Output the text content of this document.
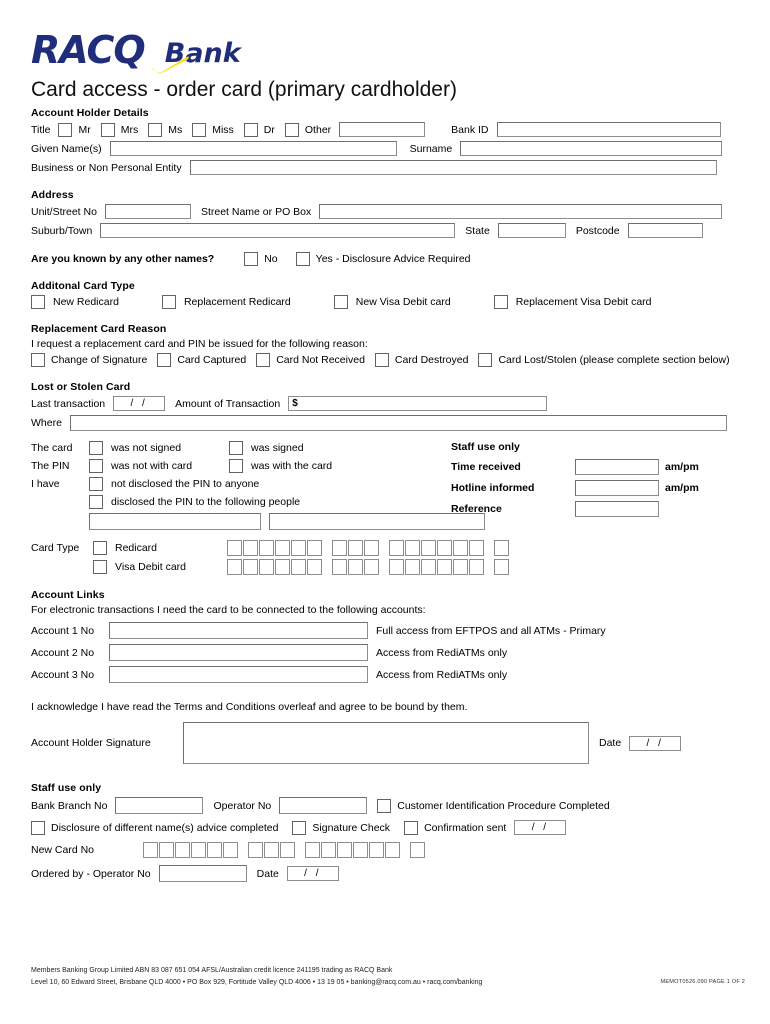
RACQ Bank
Card access - order card (primary cardholder)
Account Holder Details
Title	Mr	Mrs	Ms	Miss	Dr	Other	Bank ID
Given Name(s)	Surname
Business or Non Personal Entity
Address
Unit/Street No	Street Name or PO Box
Suburb/Town	State	Postcode
Are you known by any other names?	No	Yes - Disclosure Advice Required
Additonal Card Type
New Redicard	Replacement Redicard	New Visa Debit card	Replacement Visa Debit card
Replacement Card Reason
I request a replacement card and PIN be issued for the following reason:
Change of Signature	Card Captured	Card Not Received	Card Destroyed	Card Lost/Stolen (please complete section below)
Lost or Stolen Card
Last transaction	/ /	Amount of Transaction	$
Where
The card	was not signed	was signed
The PIN	was not with card	was with the card
I have	not disclosed the PIN to anyone
disclosed the PIN to the following people
Staff use only
Time received	am/pm
Hotline informed	am/pm
Reference
Card Type	Redicard
Visa Debit card
Account Links
For electronic transactions I need the card to be connected to the following accounts:
Account 1 No	Full access from EFTPOS and all ATMs - Primary
Account 2 No	Access from RediATMs only
Account 3 No	Access from RediATMs only
I acknowledge I have read the Terms and Conditions overleaf and agree to be bound by them.
Account Holder Signature	Date	/ /
Staff use only
Bank Branch No	Operator No	Customer Identification Procedure Completed
Disclosure of different name(s) advice completed	Signature Check	Confirmation sent	/ /
New Card No
Ordered by - Operator No	Date	/ /
Members Banking Group Limited ABN 83 087 651 054 AFSL/Australian credit licence 241195 trading as RACQ Bank
Level 10, 60 Edward Street, Brisbane QLD 4000 • PO Box 929, Fortitude Valley QLD 4006 • 13 19 05 • banking@racq.com.au • racq.com/banking	MEMOT0526.090 PAGE 1 OF 2
